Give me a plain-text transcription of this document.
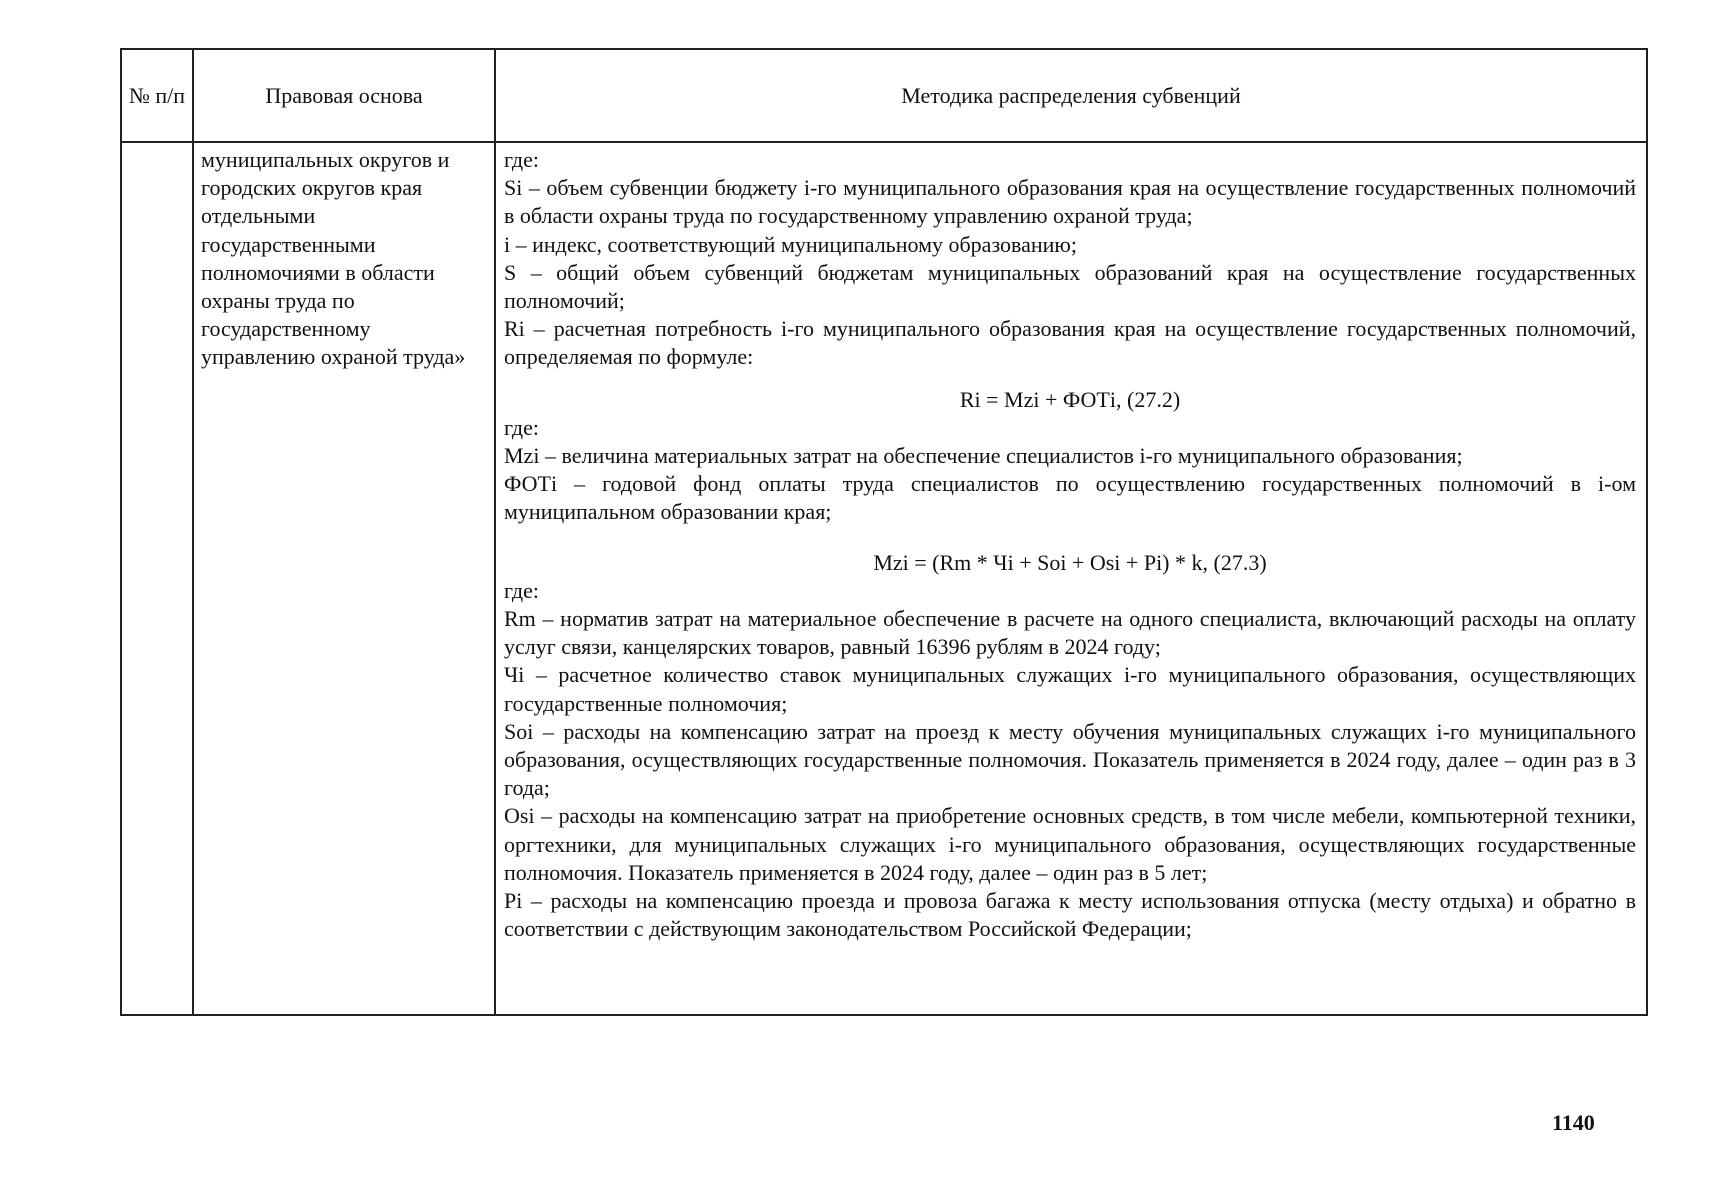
№ п/п	Правовая основа	Методика распределения субвенций
муниципальных округов и городских округов края отдельными государственными полномочиями в области охраны труда по государственному управлению охраной труда»

где:

Si – объем субвенции бюджету i-го муниципального образования края на осуществление государственных полномочий в области охраны труда по государственному управлению охраной труда;

i – индекс, соответствующий муниципальному образованию;

S – общий объем субвенций бюджетам муниципальных образований края на осуществление государственных полномочий;

Ri – расчетная потребность i-го муниципального образования края на осуществление государственных полномочий, определяемая по формуле:

Ri = Mzi + ФОТi, (27.2)

где:

Mzi – величина материальных затрат на обеспечение специалистов i-го муниципального образования;

ФОТi – годовой фонд оплаты труда специалистов по осуществлению государственных полномочий в i-ом муниципальном образовании края;

Mzi = (Rm * Чi + Soi + Osi + Pi) * k, (27.3)

где:

Rm – норматив затрат на материальное обеспечение в расчете на одного специалиста, включающий расходы на оплату услуг связи, канцелярских товаров, равный 16396 рублям в 2024 году;

Чi – расчетное количество ставок муниципальных служащих i-го муниципального образования, осуществляющих государственные полномочия;

Soi – расходы на компенсацию затрат на проезд к месту обучения муниципальных служащих i-го муниципального образования, осуществляющих государственные полномочия. Показатель применяется в 2024 году, далее – один раз в 3 года;

Osi – расходы на компенсацию затрат на приобретение основных средств, в том числе мебели, компьютерной техники, оргтехники, для муниципальных служащих i-го муниципального образования, осуществляющих государственные полномочия. Показатель применяется в 2024 году, далее – один раз в 5 лет;

Pi – расходы на компенсацию проезда и провоза багажа к месту использования отпуска (месту отдыха) и обратно в соответствии с действующим законодательством Российской Федерации;

1140
